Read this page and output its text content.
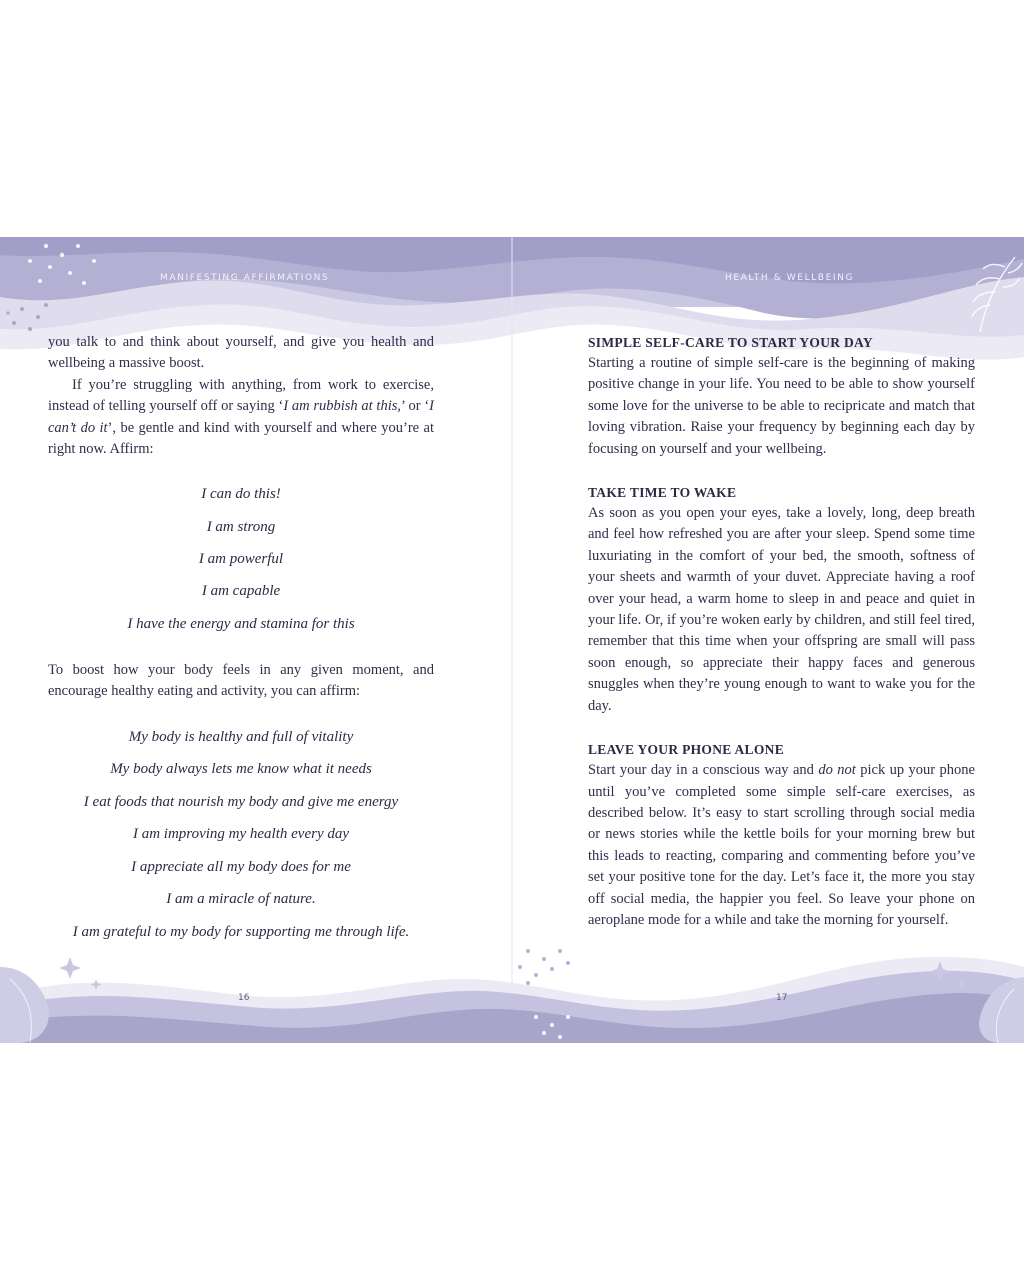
MANIFESTING AFFIRMATIONS	HEALTH & WELLBEING

you talk to and think about yourself, and give you health and wellbeing a massive boost.

If you’re struggling with anything, from work to exercise, instead of telling yourself off or saying ‘I am rubbish at this,’ or ‘I can’t do it’, be gentle and kind with yourself and where you’re at right now. Affirm:

I can do this!
I am strong
I am powerful
I am capable
I have the energy and stamina for this

To boost how your body feels in any given moment, and encourage healthy eating and activity, you can affirm:

My body is healthy and full of vitality
My body always lets me know what it needs
I eat foods that nourish my body and give me energy
I am improving my health every day
I appreciate all my body does for me
I am a miracle of nature.
I am grateful to my body for supporting me through life.
SIMPLE SELF-CARE TO START YOUR DAY

Starting a routine of simple self-care is the beginning of making positive change in your life. You need to be able to show yourself some love for the universe to be able to recipricate and match that loving vibration. Raise your frequency by beginning each day by focusing on yourself and your wellbeing.

TAKE TIME TO WAKE

As soon as you open your eyes, take a lovely, long, deep breath and feel how refreshed you are after your sleep. Spend some time luxuriating in the comfort of your bed, the smooth, softness of your sheets and warmth of your duvet. Appreciate having a roof over your head, a warm home to sleep in and peace and quiet in your life. Or, if you’re woken early by children, and still feel tired, remember that this time when your offspring are small will pass soon enough, so appreciate their happy faces and generous snuggles when they’re young enough to want to wake you for the day.

LEAVE YOUR PHONE ALONE

Start your day in a conscious way and do not pick up your phone until you’ve completed some simple self-care exercises, as described below. It’s easy to start scrolling through social media or news stories while the kettle boils for your morning brew but this leads to reacting, comparing and commenting before you’ve set your positive tone for the day. Let’s face it, the more you stay off social media, the happier you feel. So leave your phone on aeroplane mode for a while and take the morning for yourself.

16	17
